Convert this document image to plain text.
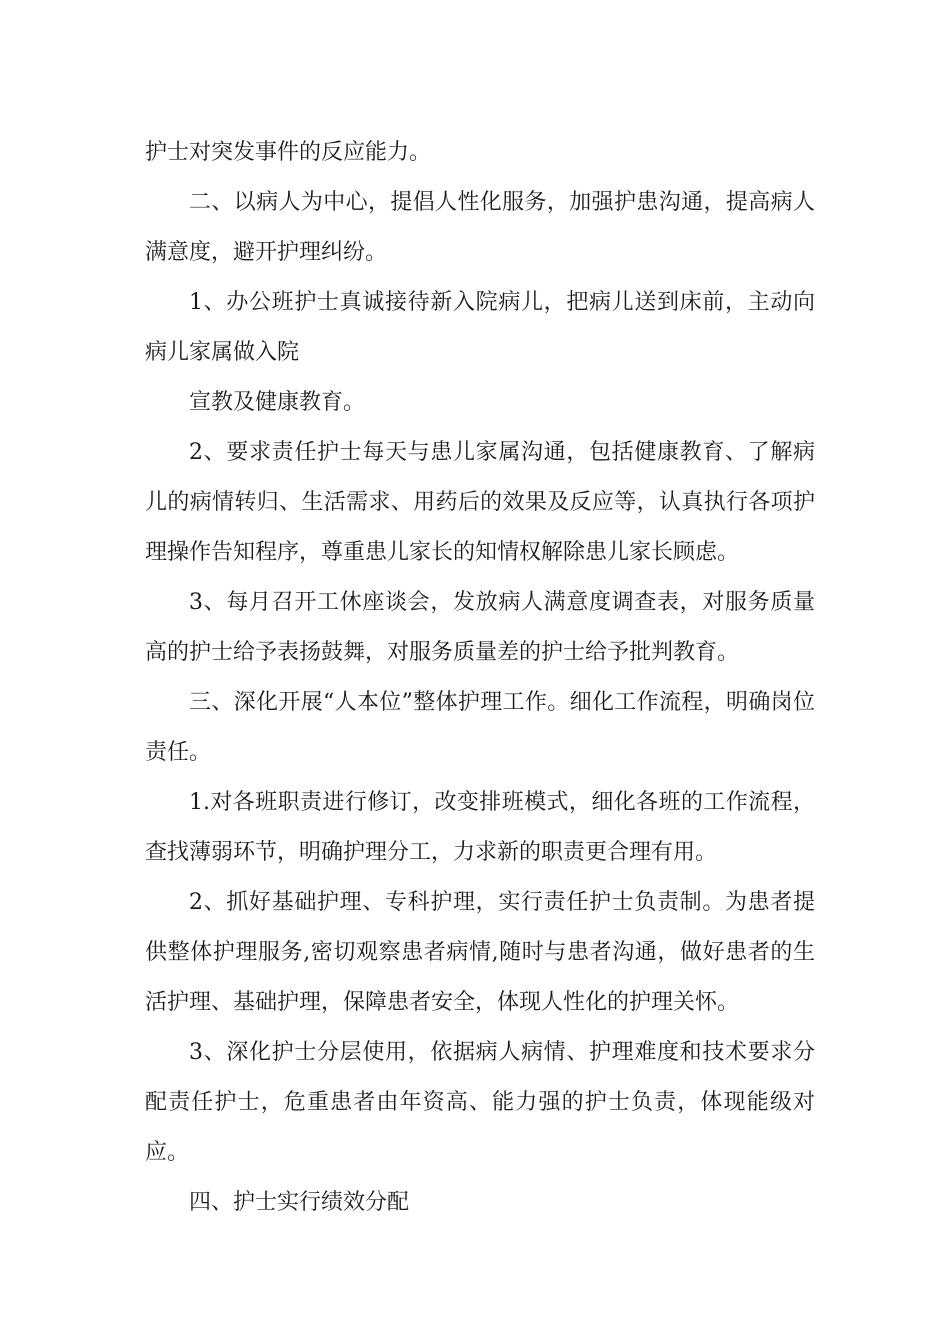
护士对突发事件的反应能力。

二、以病人为中心，提倡人性化服务，加强护患沟通，提高病人满意度，避开护理纠纷。

1、办公班护士真诚接待新入院病儿，把病儿送到床前，主动向病儿家属做入院

宣教及健康教育。

2、要求责任护士每天与患儿家属沟通，包括健康教育、了解病儿的病情转归、生活需求、用药后的效果及反应等，认真执行各项护理操作告知程序，尊重患儿家长的知情权解除患儿家长顾虑。

3、每月召开工休座谈会，发放病人满意度调查表，对服务质量高的护士给予表扬鼓舞，对服务质量差的护士给予批判教育。

三、深化开展“人本位”整体护理工作。细化工作流程，明确岗位责任。

1.对各班职责进行修订，改变排班模式，细化各班的工作流程，查找薄弱环节，明确护理分工，力求新的职责更合理有用。

2、抓好基础护理、专科护理，实行责任护士负责制。为患者提供整体护理服务,密切观察患者病情,随时与患者沟通，做好患者的生活护理、基础护理，保障患者安全，体现人性化的护理关怀。

3、深化护士分层使用，依据病人病情、护理难度和技术要求分配责任护士，危重患者由年资高、能力强的护士负责，体现能级对应。

四、护士实行绩效分配
